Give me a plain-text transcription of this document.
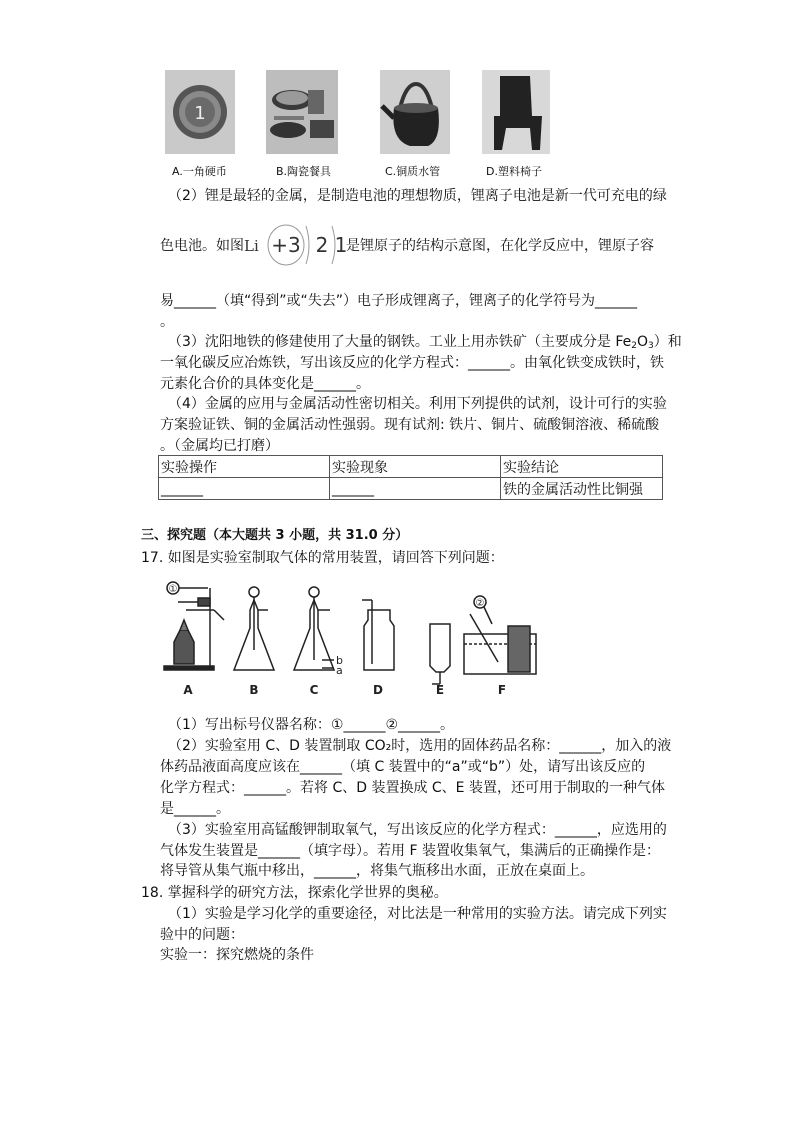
1
A.一角硬币	B.陶瓷餐具	C.铜质水管	D.塑料椅子
（2）锂是最轻的金属，是制造电池的理想物质，锂离子电池是新一代可充电的绿
色电池。如图 Li +3 2 1
是锂原子的结构示意图，在化学反应中，锂原子容
易______（填“得到”或“失去”）电子形成锂离子，锂离子的化学符号为______
。
（3）沈阳地铁的修建使用了大量的钢铁。工业上用赤铁矿（主要成分是 $Fe_2O_3$）和
一氧化碳反应冶炼铁，写出该反应的化学方程式：______。由氧化铁变成铁时，铁
元素化合价的具体变化是______。
（4）金属的应用与金属活动性密切相关。利用下列提供的试剂，设计可行的实验
方案验证铁、铜的金属活动性强弱。现有试剂: 铁片、铜片、硫酸铜溶液、稀硫酸
。（金属均已打磨）
实验操作	实验现象	实验结论
______	______	铁的金属活动性比铜强
三、探究题（本大题共 3 小题，共 31.0 分）
17. 如图是实验室制取气体的常用装置，请回答下列问题：
①
b
a
②
A	B	C	D	E	F
（1）写出标号仪器名称：①______②______。
（2）实验室用 C、D 装置制取 CO₂时，选用的固体药品名称：______，加入的液
体药品液面高度应该在______（填 C 装置中的“a”或“b”）处，请写出该反应的
化学方程式：______。若将 C、D 装置换成 C、E 装置，还可用于制取的一种气体
是______。
（3）实验室用高锰酸钾制取氧气，写出该反应的化学方程式：______，应选用的
气体发生装置是______（填字母）。若用 F 装置收集氧气，集满后的正确操作是：
将导管从集气瓶中移出，______，将集气瓶移出水面，正放在桌面上。
18. 掌握科学的研究方法，探索化学世界的奥秘。
（1）实验是学习化学的重要途径，对比法是一种常用的实验方法。请完成下列实
验中的问题：
实验一：探究燃烧的条件
